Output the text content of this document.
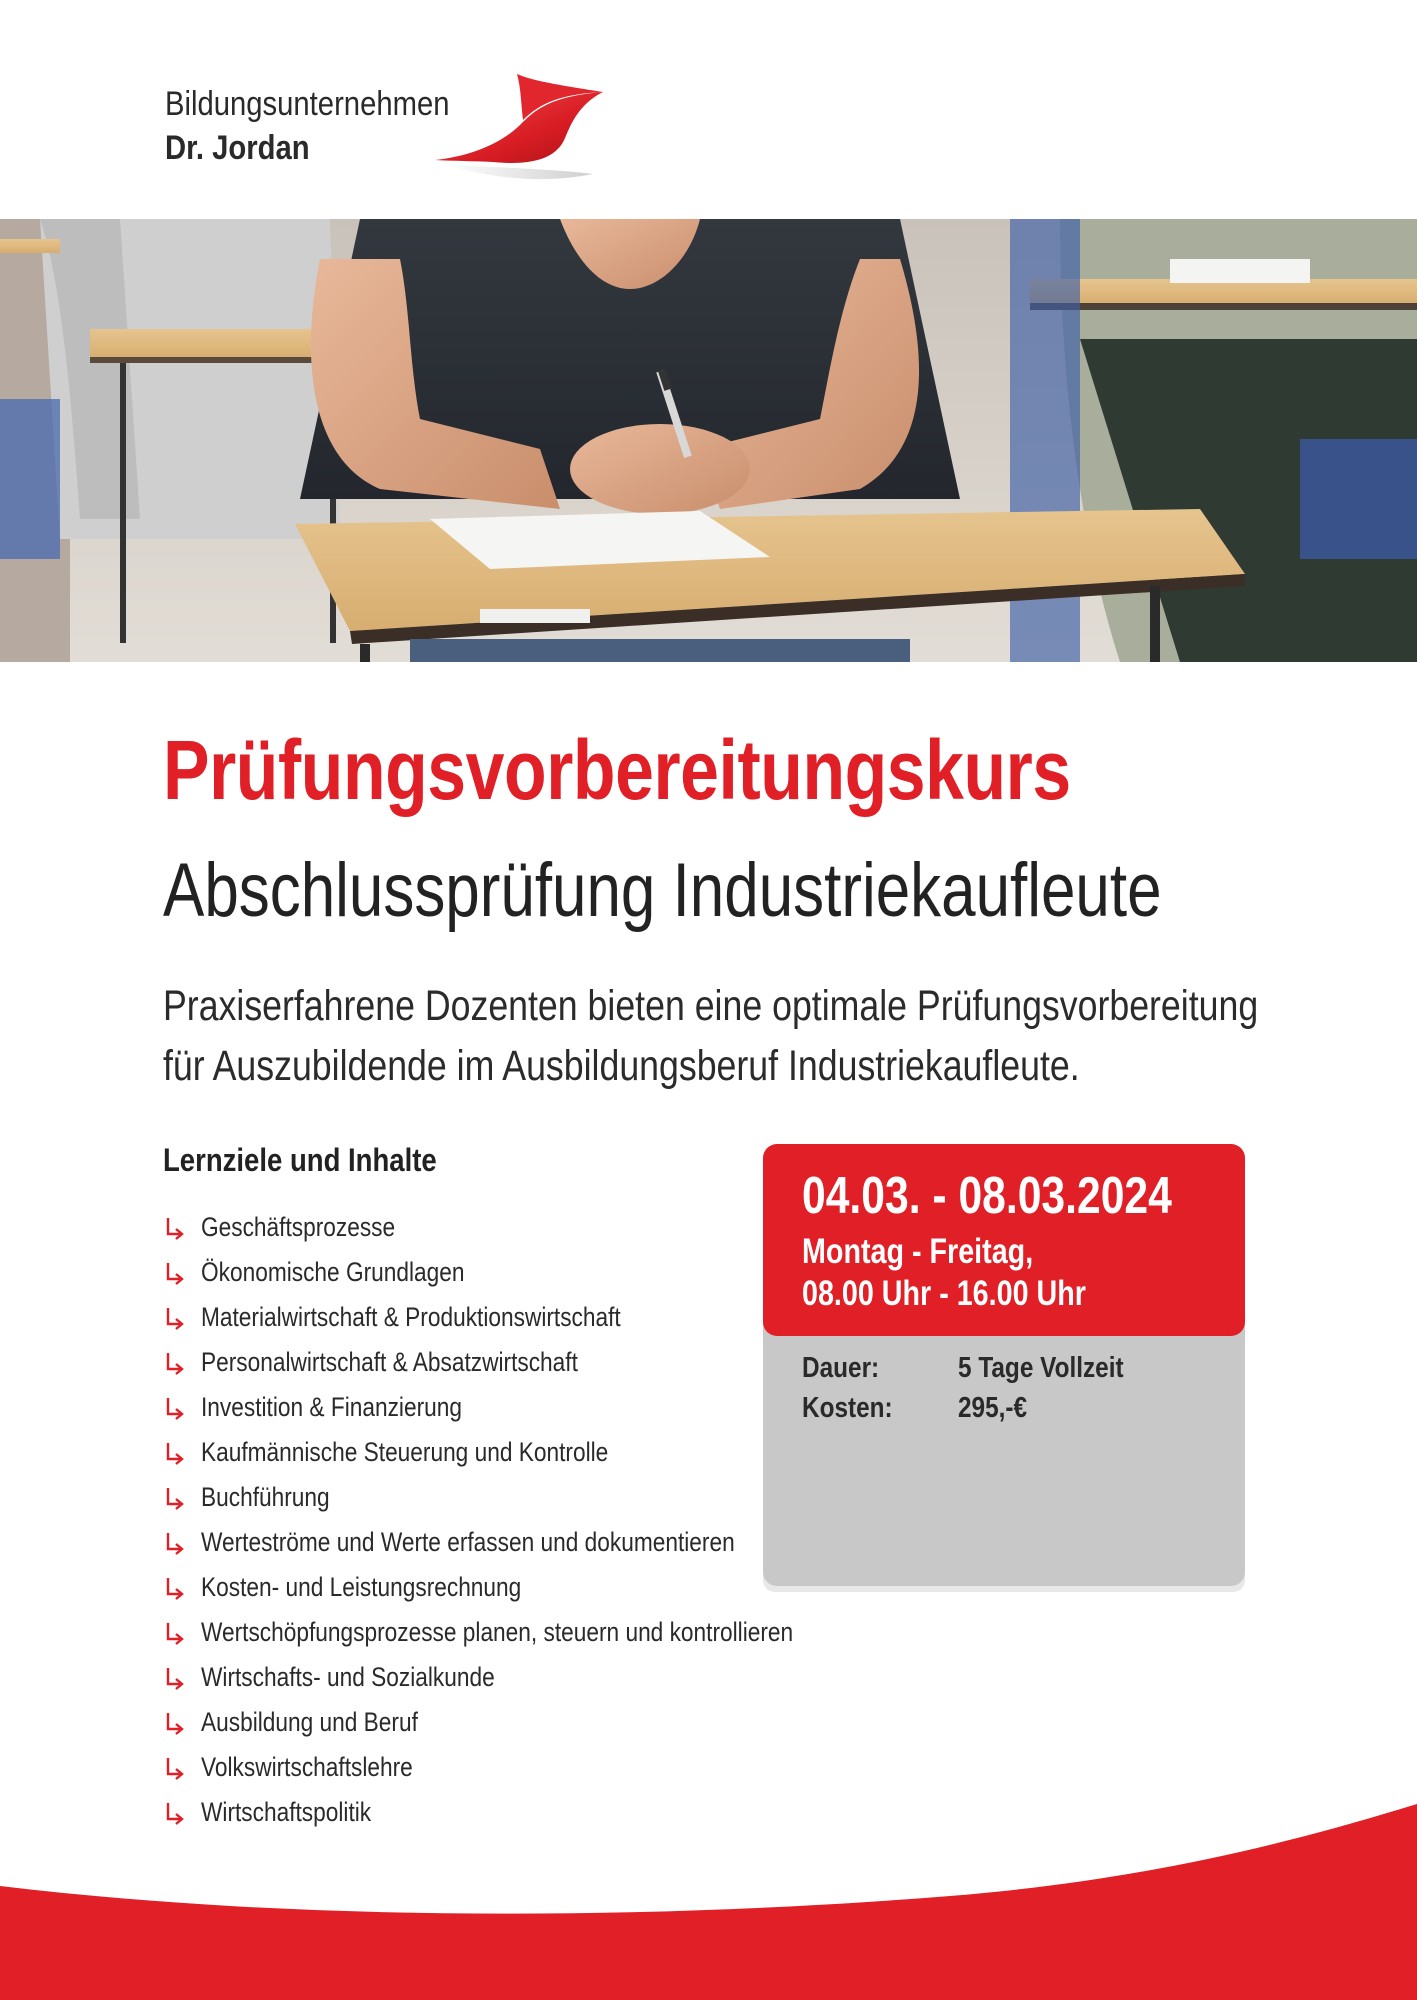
Bildungsunternehmen
Dr. Jordan
Prüfungsvorbereitungskurs
Abschlussprüfung Industriekaufleute
Praxiserfahrene Dozenten bieten eine optimale Prüfungsvorbereitung
für Auszubildende im Ausbildungsberuf Industriekaufleute.
Lernziele und Inhalte
Geschäftsprozesse
Ökonomische Grundlagen
Materialwirtschaft & Produktionswirtschaft
Personalwirtschaft & Absatzwirtschaft
Investition & Finanzierung
Kaufmännische Steuerung und Kontrolle
Buchführung
Werteströme und Werte erfassen und dokumentieren
Kosten- und Leistungsrechnung
Wertschöpfungsprozesse planen, steuern und kontrollieren
Wirtschafts- und Sozialkunde
Ausbildung und Beruf
Volkswirtschaftslehre
Wirtschaftspolitik
Dauer:	5 Tage Vollzeit
Kosten: 295,-€
04.03. - 08.03.2024
Montag - Freitag,
08.00 Uhr - 16.00 Uhr
